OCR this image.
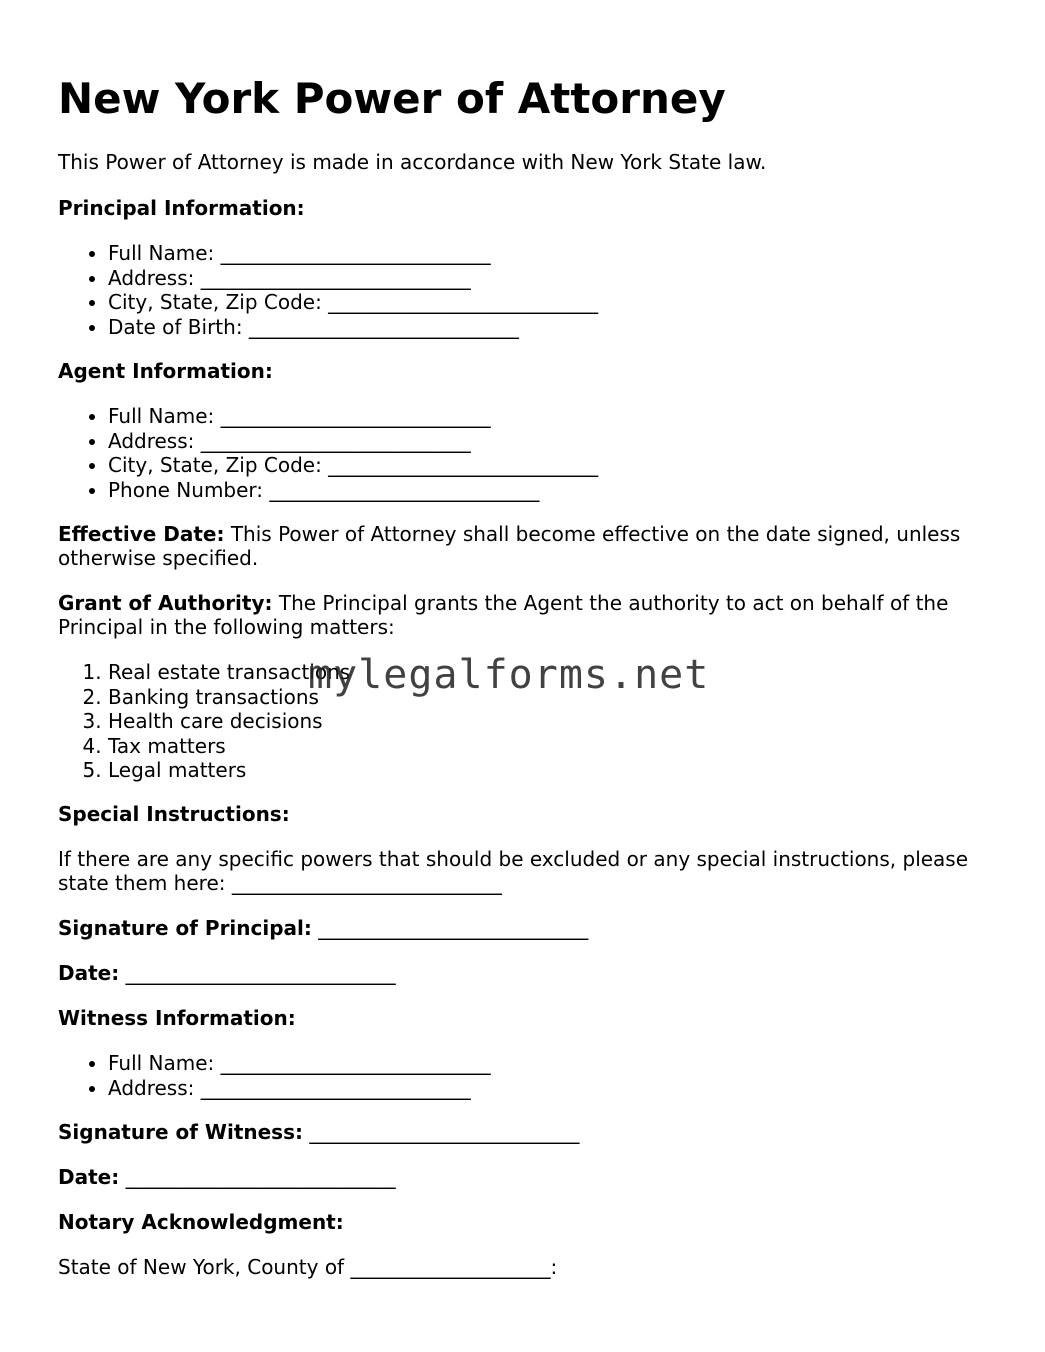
New York Power of Attorney
This Power of Attorney is made in accordance with New York State law.
Principal Information:
• Full Name: ___________________________
• Address: ___________________________
• City, State, Zip Code: ___________________________
• Date of Birth: ___________________________
Agent Information:
• Full Name: ___________________________
• Address: ___________________________
• City, State, Zip Code: ___________________________
• Phone Number: ___________________________
Effective Date: This Power of Attorney shall become effective on the date signed, unless otherwise specified.
Grant of Authority: The Principal grants the Agent the authority to act on behalf of the Principal in the following matters:
1. Real estate transactions
2. Banking transactions
3. Health care decisions
4. Tax matters
5. Legal matters
Special Instructions:
If there are any specific powers that should be excluded or any special instructions, please state them here: ___________________________
Signature of Principal: ___________________________
Date: ___________________________
Witness Information:
• Full Name: ___________________________
• Address: ___________________________
Signature of Witness: ___________________________
Date: ___________________________
Notary Acknowledgment:
State of New York, County of ____________________:
mylegalforms.net
